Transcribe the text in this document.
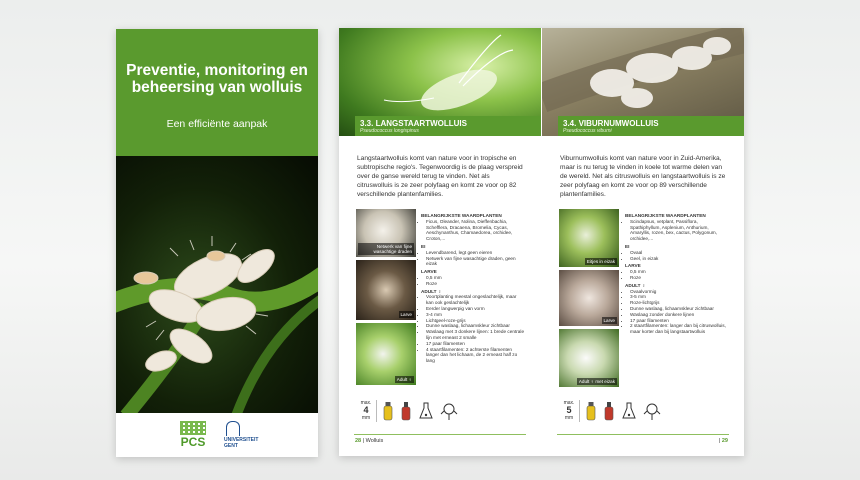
Preventie, monitoring en beheersing van wolluis
Een efficiënte aanpak
PCS	UNIVERSITEIT
GENT
3.3. LANGSTAARTWOLLUIS
Pseudococcus longispinus
Langstaartwolluis komt van nature voor in tropische en subtropische regio's. Tegenwoordig is de plaag verspreid over de ganse wereld terug te vinden. Net als citruswolluis is ze zeer polyfaag en komt ze voor op 82 verschillende plantenfamilies.
Netwerk van fijne wasachtige draden
Larve
Adult ♀
BELANGRIJKSTE WAARDPLANTEN
• Ficus, Oleander, Nolina, Dieffenbachia, Schefflera, Dracaena, Bromelia, Cycas, Aeschynanthus, Chamaedorea, orchidee, Croton,...
EI
• Levendbarend, legt geen eieren
• Netwerk van fijne wasachtige draden, geen eizak
LARVE
• 0,5 mm
• Roze
ADULT ♀
• Voortplanting meestal ongeslachtelijk, maar kan ook geslachtelijk
• Eerder langwerpig van vorm
• 3-4 mm
• Lichtgeel-roze-grijs
• Dunne waslaag, lichaamskleur zichtbaar
• Waslaag met 3 donkere lijnen: 1 brede centrale lijn met erneast 2 smalle
• 17 paar filamenten
• 4 staartfilamenten: 2 achterste filamenten langer dan het lichaam, de 2 erneast half zo lang
max.
4
mm
28 | Wolluis
3.4. VIBURNUMWOLLUIS
Pseudococcus viburni
Viburnumwolluis komt van nature voor in Zuid-Amerika, maar is nu terug te vinden in koele tot warme delen van de wereld. Net als citruswolluis en langstaartwolluis is ze zeer polyfaag en komt ze voor op 89 verschillende plantenfamilies.
Eitjes in eizak
Larve
Adult ♀ met eizak
BELANGRIJKSTE WAARDPLANTEN
• Scindapsus, vetplant, Passiflora, Spathiphyllum, Asplenium, Anthurium, Amaryllis, rozen, bex, cactus, Polygonum, orchidee,...
EI
• Ovaal
• Geel, in eizak
LARVE
• 0,5 mm
• Roze
ADULT ♀
• Ovaalvormig
• 3-5 mm
• Roze-lichtgrijs
• Dunne waslaag, lichaamskleur zichtbaar
• Waslaag zonder donkere lijnen
• 17 paar filamenten
• 2 staartfilamenten: langer dan bij citruswolluis, maar korter dan bij langstaartwolluis
max.
5
mm
| 29
